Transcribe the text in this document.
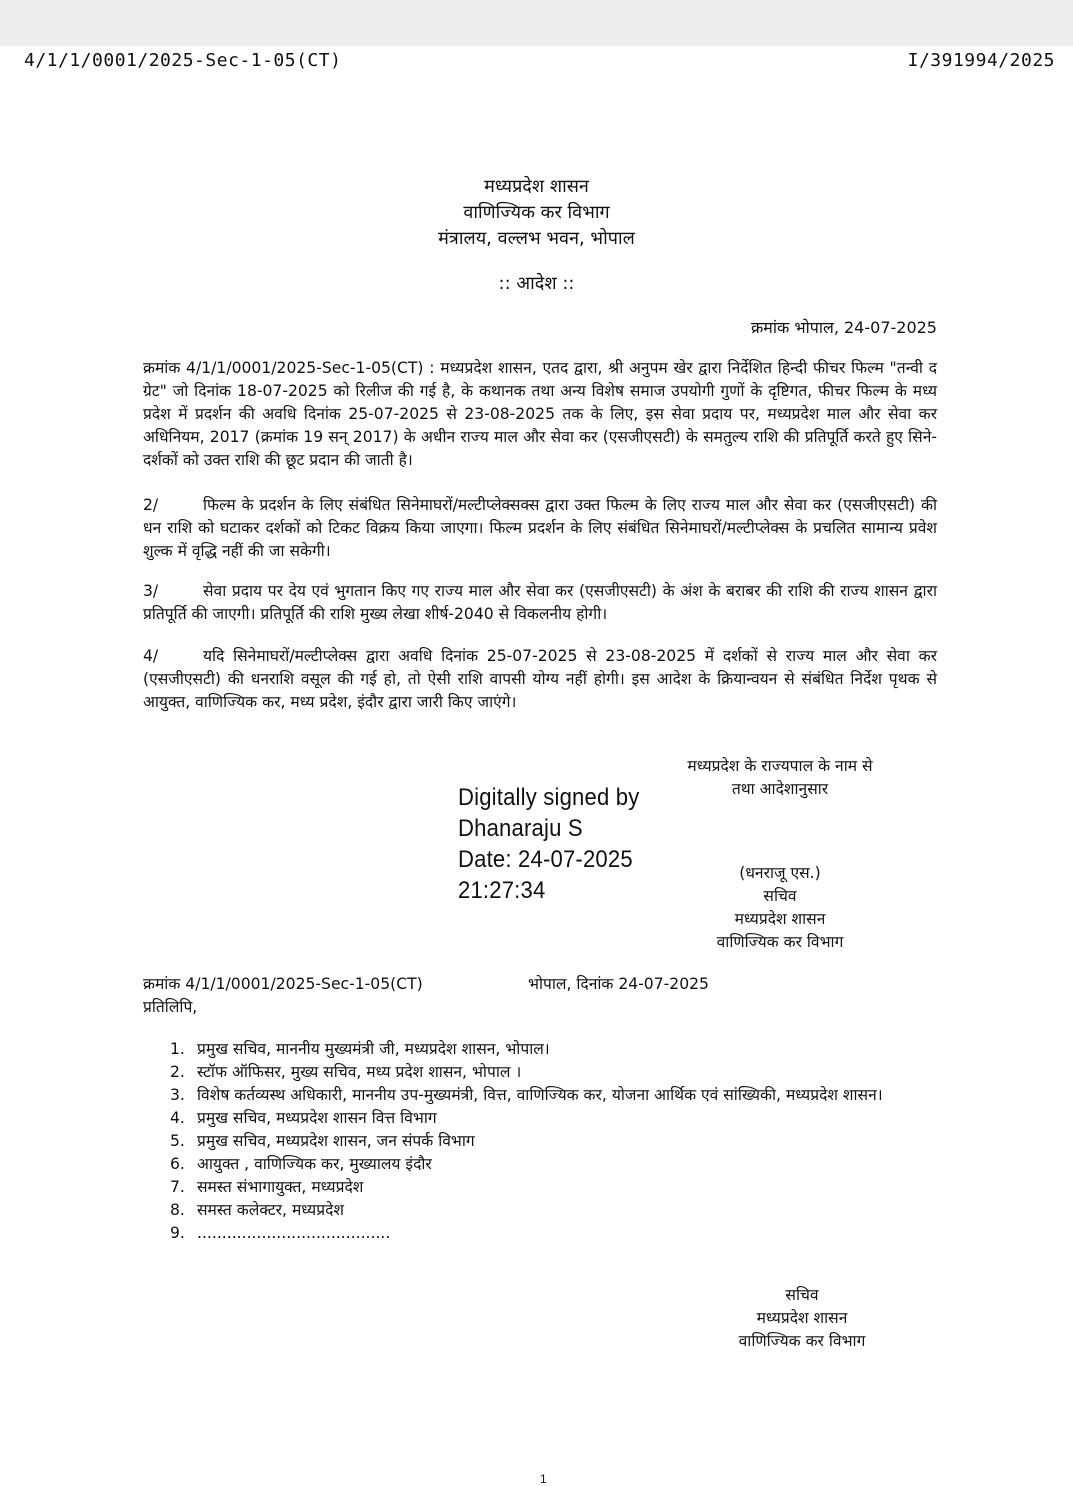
4/1/1/0001/2025-Sec-1-05(CT)	I/391994/2025
मध्यप्रदेश शासन
वाणिज्यिक कर विभाग
मंत्रालय, वल्लभ भवन, भोपाल
:: आदेश ::
क्रमांक भोपाल, 24-07-2025
क्रमांक 4/1/1/0001/2025-Sec-1-05(CT) : मध्यप्रदेश शासन, एतद द्वारा, श्री अनुपम खेर द्वारा निर्देशित हिन्दी फीचर फिल्म "तन्वी द ग्रेट" जो दिनांक 18-07-2025 को रिलीज की गई है, के कथानक तथा अन्य विशेष समाज उपयोगी गुणों के दृष्टिगत, फीचर फिल्म के मध्य प्रदेश में प्रदर्शन की अवधि दिनांक 25-07-2025 से 23-08-2025 तक के लिए, इस सेवा प्रदाय पर, मध्यप्रदेश माल और सेवा कर अधिनियम, 2017 (क्रमांक 19 सन् 2017) के अधीन राज्य माल और सेवा कर (एसजीएसटी) के समतुल्य राशि की प्रतिपूर्ति करते हुए सिने-दर्शकों को उक्त राशि की छूट प्रदान की जाती है।
2/	फिल्म के प्रदर्शन के लिए संबंधित सिनेमाघरों/मल्टीप्लेक्सक्स द्वारा उक्त फिल्म के लिए राज्य माल और सेवा कर (एसजीएसटी) की धन राशि को घटाकर दर्शकों को टिकट विक्रय किया जाएगा। फिल्म प्रदर्शन के लिए संबंधित सिनेमाघरों/मल्टीप्लेक्स के प्रचलित सामान्य प्रवेश शुल्क में वृद्धि नहीं की जा सकेगी।
3/	सेवा प्रदाय पर देय एवं भुगतान किए गए राज्य माल और सेवा कर (एसजीएसटी) के अंश के बराबर की राशि की राज्य शासन द्वारा प्रतिपूर्ति की जाएगी। प्रतिपूर्ति की राशि मुख्य लेखा शीर्ष-2040 से विकलनीय होगी।
4/	यदि सिनेमाघरों/मल्टीप्लेक्स द्वारा अवधि दिनांक 25-07-2025 से 23-08-2025 में दर्शकों से राज्य माल और सेवा कर (एसजीएसटी) की धनराशि वसूल की गई हो, तो ऐसी राशि वापसी योग्य नहीं होगी। इस आदेश के क्रियान्वयन से संबंधित निर्देश पृथक से आयुक्त, वाणिज्यिक कर, मध्य प्रदेश, इंदौर द्वारा जारी किए जाएंगे।
मध्यप्रदेश के राज्यपाल के नाम से
तथा आदेशानुसार
Digitally signed by
Dhanaraju S
Date: 24-07-2025
21:27:34
(धनराजू एस.)
सचिव
मध्यप्रदेश शासन
वाणिज्यिक कर विभाग
क्रमांक 4/1/1/0001/2025-Sec-1-05(CT)	भोपाल, दिनांक 24-07-2025
प्रतिलिपि,
1. प्रमुख सचिव, माननीय मुख्यमंत्री जी, मध्यप्रदेश शासन, भोपाल।
2. स्टॉफ ऑफिसर, मुख्य सचिव, मध्य प्रदेश शासन, भोपाल ।
3. विशेष कर्तव्यस्थ अधिकारी, माननीय उप-मुख्यमंत्री, वित्त, वाणिज्यिक कर, योजना आर्थिक एवं सांख्यिकी, मध्यप्रदेश शासन।
4. प्रमुख सचिव, मध्यप्रदेश शासन वित्त विभाग
5. प्रमुख सचिव, मध्यप्रदेश शासन, जन संपर्क विभाग
6. आयुक्त , वाणिज्यिक कर, मुख्यालय इंदौर
7. समस्त संभागायुक्त, मध्यप्रदेश
8. समस्त कलेक्टर, मध्यप्रदेश
9. .......................................
सचिव
मध्यप्रदेश शासन
वाणिज्यिक कर विभाग
1
